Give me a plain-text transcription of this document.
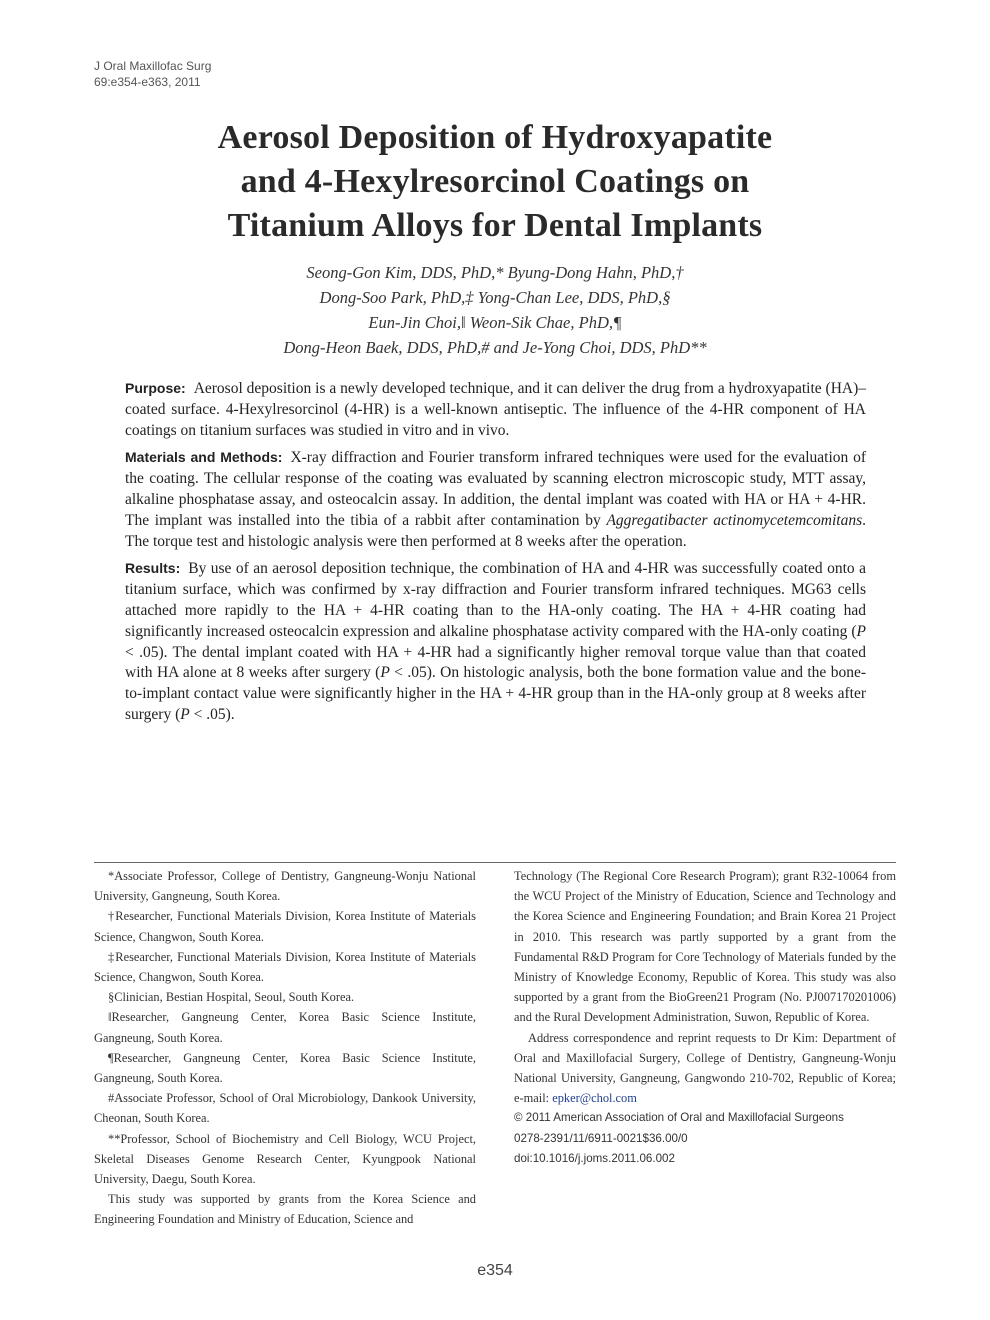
J Oral Maxillofac Surg
69:e354-e363, 2011
Aerosol Deposition of Hydroxyapatite
and 4-Hexylresorcinol Coatings on
Titanium Alloys for Dental Implants
Seong-Gon Kim, DDS, PhD,* Byung-Dong Hahn, PhD,†
Dong-Soo Park, PhD,‡ Yong-Chan Lee, DDS, PhD,§
Eun-Jin Choi,‖ Weon-Sik Chae, PhD,¶
Dong-Heon Baek, DDS, PhD,# and Je-Yong Choi, DDS, PhD**

Purpose: Aerosol deposition is a newly developed technique, and it can deliver the drug from a hydroxyapatite (HA)– coated surface. 4-Hexylresorcinol (4-HR) is a well-known antiseptic. The influence of the 4-HR component of HA coatings on titanium surfaces was studied in vitro and in vivo.

Materials and Methods: X-ray diffraction and Fourier transform infrared techniques were used for the evaluation of the coating. The cellular response of the coating was evaluated by scanning electron microscopic study, MTT assay, alkaline phosphatase assay, and osteocalcin assay. In addition, the dental implant was coated with HA or HA + 4-HR. The implant was installed into the tibia of a rabbit after contamination by Aggregatibacter actinomycetemcomitans. The torque test and histologic analysis were then performed at 8 weeks after the operation.

Results: By use of an aerosol deposition technique, the combination of HA and 4-HR was successfully coated onto a titanium surface, which was confirmed by x-ray diffraction and Fourier transform infrared techniques. MG63 cells attached more rapidly to the HA + 4-HR coating than to the HA-only coating. The HA + 4-HR coating had significantly increased osteocalcin expression and alkaline phosphatase activity compared with the HA-only coating (P < .05). The dental implant coated with HA + 4-HR had a significantly higher removal torque value than that coated with HA alone at 8 weeks after surgery (P < .05). On histologic analysis, both the bone formation value and the bone-to-implant contact value were significantly higher in the HA + 4-HR group than in the HA-only group at 8 weeks after surgery (P < .05).

*Associate Professor, College of Dentistry, Gangneung-Wonju National University, Gangneung, South Korea.

†Researcher, Functional Materials Division, Korea Institute of Materials Science, Changwon, South Korea.

‡Researcher, Functional Materials Division, Korea Institute of Materials Science, Changwon, South Korea.

§Clinician, Bestian Hospital, Seoul, South Korea.

‖Researcher, Gangneung Center, Korea Basic Science Institute, Gangneung, South Korea.

¶Researcher, Gangneung Center, Korea Basic Science Institute, Gangneung, South Korea.

#Associate Professor, School of Oral Microbiology, Dankook University, Cheonan, South Korea.

**Professor, School of Biochemistry and Cell Biology, WCU Project, Skeletal Diseases Genome Research Center, Kyungpook National University, Daegu, South Korea.

This study was supported by grants from the Korea Science and Engineering Foundation and Ministry of Education, Science and

Technology (The Regional Core Research Program); grant R32-10064 from the WCU Project of the Ministry of Education, Science and Technology and the Korea Science and Engineering Foundation; and Brain Korea 21 Project in 2010. This research was partly supported by a grant from the Fundamental R&D Program for Core Technology of Materials funded by the Ministry of Knowledge Economy, Republic of Korea. This study was also supported by a grant from the BioGreen21 Program (No. PJ007170201006) and the Rural Development Administration, Suwon, Republic of Korea.

Address correspondence and reprint requests to Dr Kim: Department of Oral and Maxillofacial Surgery, College of Dentistry, Gangneung-Wonju National University, Gangneung, Gangwondo 210-702, Republic of Korea; e-mail: epker@chol.com

© 2011 American Association of Oral and Maxillofacial Surgeons

0278-2391/11/6911-0021$36.00/0

doi:10.1016/j.joms.2011.06.002

e354
